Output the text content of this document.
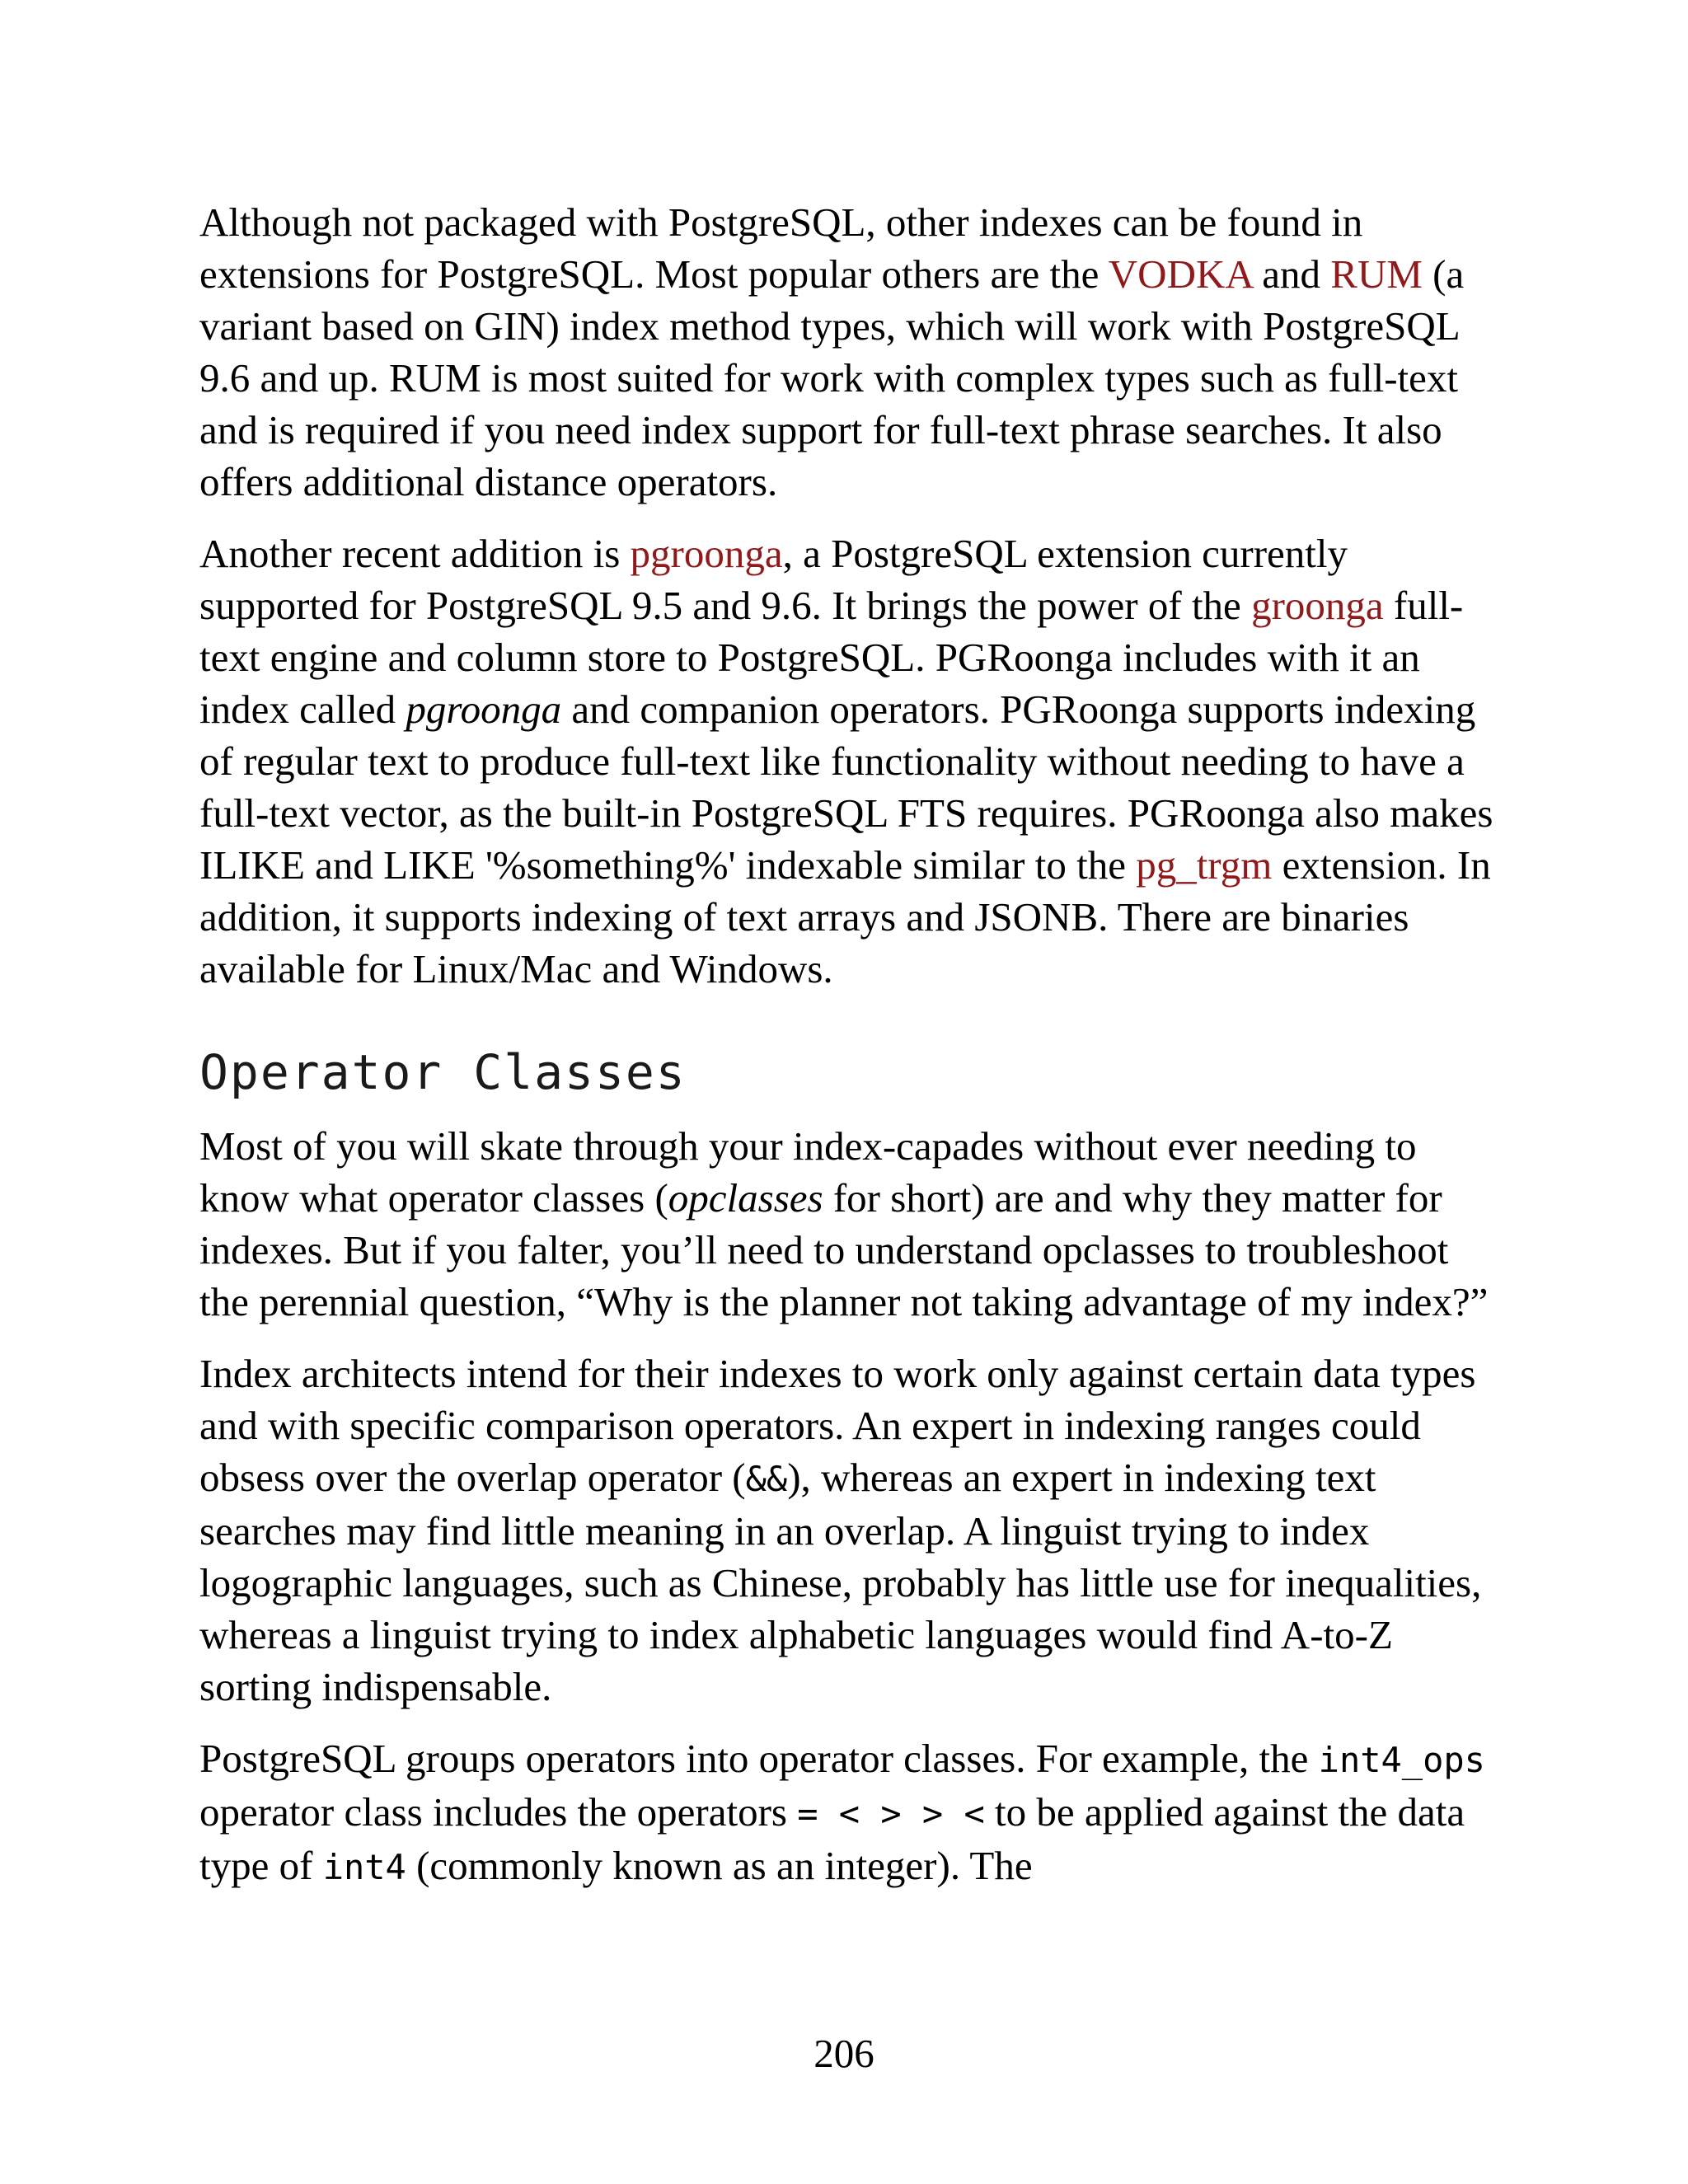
Although not packaged with PostgreSQL, other indexes can be found in extensions for PostgreSQL. Most popular others are the VODKA and RUM (a variant based on GIN) index method types, which will work with PostgreSQL 9.6 and up. RUM is most suited for work with complex types such as full-text and is required if you need index support for full-text phrase searches. It also offers additional distance operators.

Another recent addition is pgroonga, a PostgreSQL extension currently supported for PostgreSQL 9.5 and 9.6. It brings the power of the groonga full-text engine and column store to PostgreSQL. PGRoonga includes with it an index called pgroonga and companion operators. PGRoonga supports indexing of regular text to produce full-text like functionality without needing to have a full-text vector, as the built-in PostgreSQL FTS requires. PGRoonga also makes ILIKE and LIKE '%something%' indexable similar to the pg_trgm extension. In addition, it supports indexing of text arrays and JSONB. There are binaries available for Linux/Mac and Windows.

Operator Classes

Most of you will skate through your index-capades without ever needing to know what operator classes (opclasses for short) are and why they matter for indexes. But if you falter, you’ll need to understand opclasses to troubleshoot the perennial question, “Why is the planner not taking advantage of my index?”

Index architects intend for their indexes to work only against certain data types and with specific comparison operators. An expert in indexing ranges could obsess over the overlap operator (&&), whereas an expert in indexing text searches may find little meaning in an overlap. A linguist trying to index logographic languages, such as Chinese, probably has little use for inequalities, whereas a linguist trying to index alphabetic languages would find A-to-Z sorting indispensable.

PostgreSQL groups operators into operator classes. For example, the int4_ops operator class includes the operators = < > > < to be applied against the data type of int4 (commonly known as an integer). The

206
